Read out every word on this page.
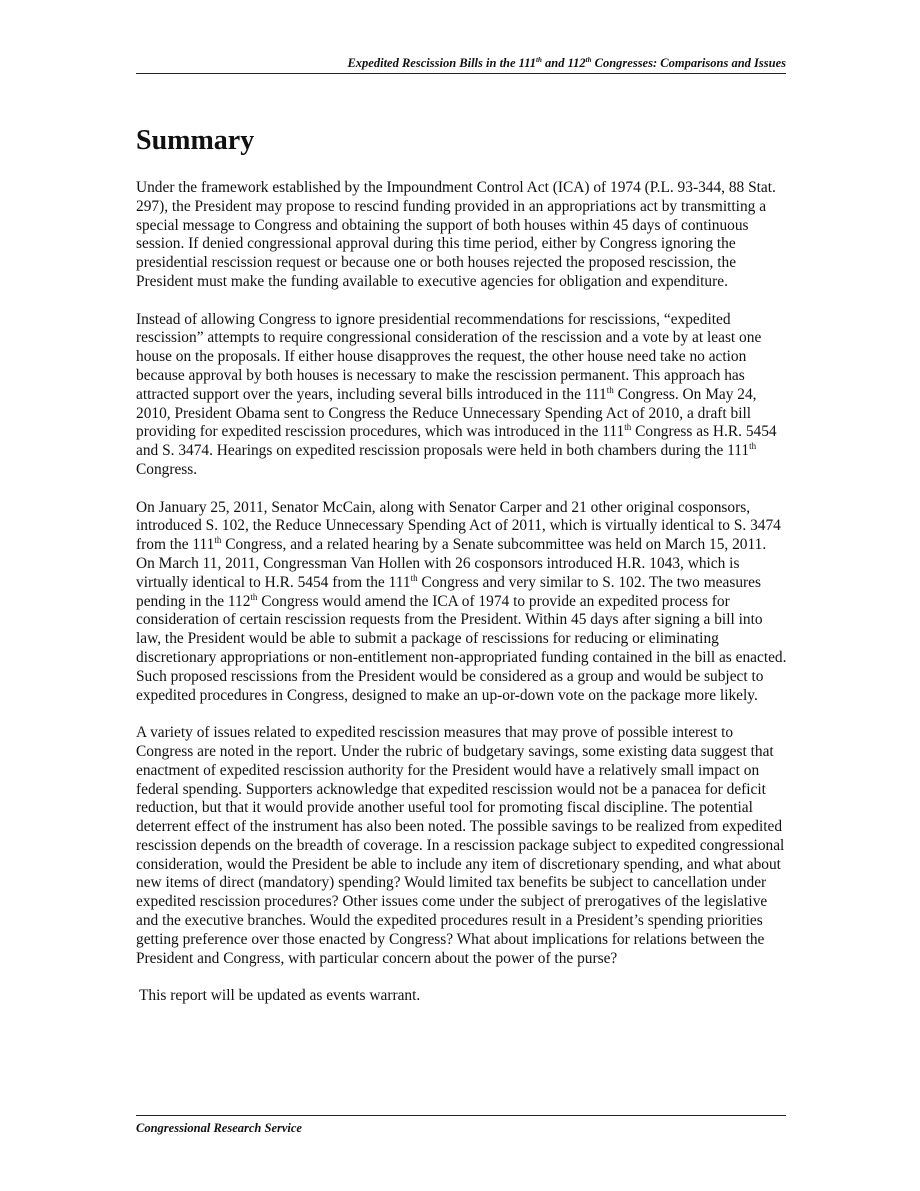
Expedited Rescission Bills in the 111th and 112th Congresses: Comparisons and Issues
Summary

Under the framework established by the Impoundment Control Act (ICA) of 1974 (P.L. 93-344, 88 Stat. 297), the President may propose to rescind funding provided in an appropriations act by transmitting a special message to Congress and obtaining the support of both houses within 45 days of continuous session. If denied congressional approval during this time period, either by Congress ignoring the presidential rescission request or because one or both houses rejected the proposed rescission, the President must make the funding available to executive agencies for obligation and expenditure.

Instead of allowing Congress to ignore presidential recommendations for rescissions, “expedited rescission” attempts to require congressional consideration of the rescission and a vote by at least one house on the proposals. If either house disapproves the request, the other house need take no action because approval by both houses is necessary to make the rescission permanent. This approach has attracted support over the years, including several bills introduced in the 111th Congress. On May 24, 2010, President Obama sent to Congress the Reduce Unnecessary Spending Act of 2010, a draft bill providing for expedited rescission procedures, which was introduced in the 111th Congress as H.R. 5454 and S. 3474. Hearings on expedited rescission proposals were held in both chambers during the 111th Congress.

On January 25, 2011, Senator McCain, along with Senator Carper and 21 other original cosponsors, introduced S. 102, the Reduce Unnecessary Spending Act of 2011, which is virtually identical to S. 3474 from the 111th Congress, and a related hearing by a Senate subcommittee was held on March 15, 2011. On March 11, 2011, Congressman Van Hollen with 26 cosponsors introduced H.R. 1043, which is virtually identical to H.R. 5454 from the 111th Congress and very similar to S. 102. The two measures pending in the 112th Congress would amend the ICA of 1974 to provide an expedited process for consideration of certain rescission requests from the President. Within 45 days after signing a bill into law, the President would be able to submit a package of rescissions for reducing or eliminating discretionary appropriations or non-entitlement non-appropriated funding contained in the bill as enacted. Such proposed rescissions from the President would be considered as a group and would be subject to expedited procedures in Congress, designed to make an up-or-down vote on the package more likely.

A variety of issues related to expedited rescission measures that may prove of possible interest to Congress are noted in the report. Under the rubric of budgetary savings, some existing data suggest that enactment of expedited rescission authority for the President would have a relatively small impact on federal spending. Supporters acknowledge that expedited rescission would not be a panacea for deficit reduction, but that it would provide another useful tool for promoting fiscal discipline. The potential deterrent effect of the instrument has also been noted. The possible savings to be realized from expedited rescission depends on the breadth of coverage. In a rescission package subject to expedited congressional consideration, would the President be able to include any item of discretionary spending, and what about new items of direct (mandatory) spending? Would limited tax benefits be subject to cancellation under expedited rescission procedures? Other issues come under the subject of prerogatives of the legislative and the executive branches. Would the expedited procedures result in a President’s spending priorities getting preference over those enacted by Congress? What about implications for relations between the President and Congress, with particular concern about the power of the purse?

This report will be updated as events warrant.

Congressional Research Service
